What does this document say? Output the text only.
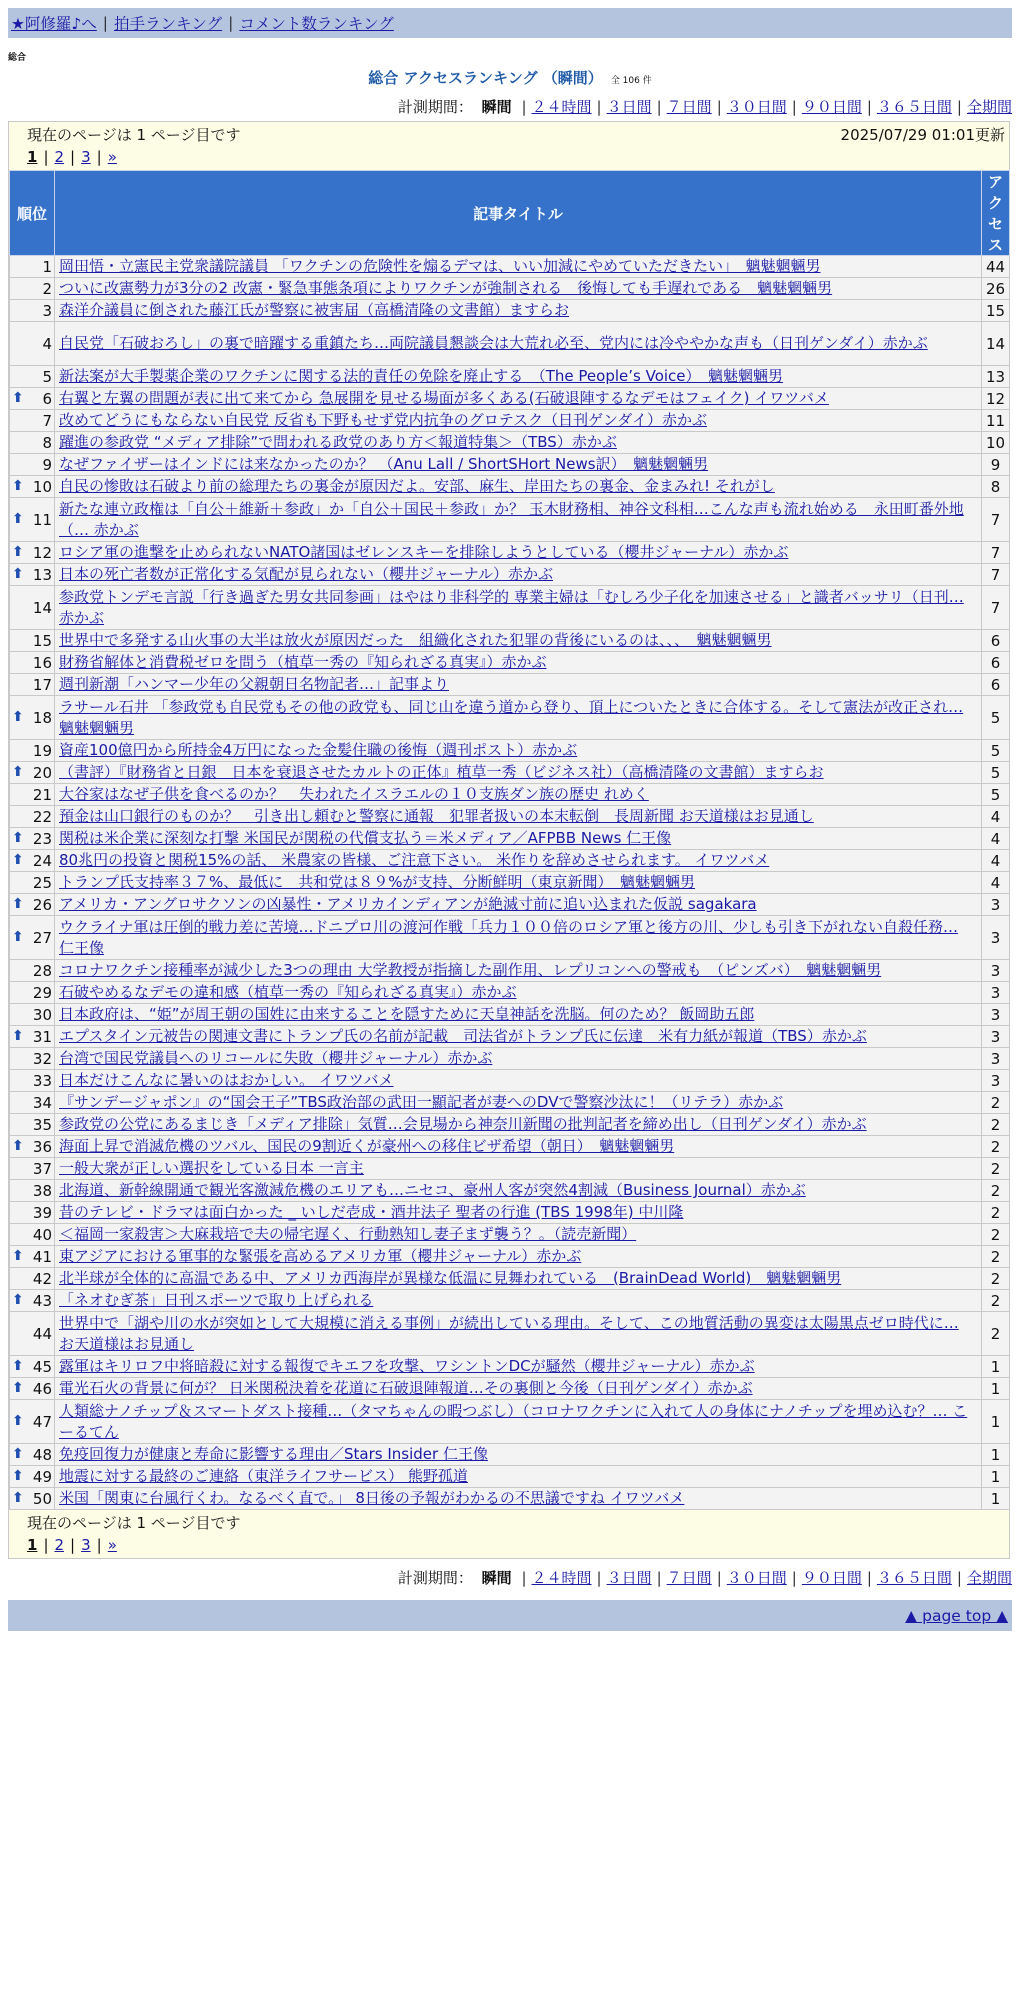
★阿修羅♪へ | 拍手ランキング | コメント数ランキング
総合
総合 アクセスランキング （瞬間） 全 106 件
計測期間： 瞬間 | ２４時間 | ３日間 | ７日間 | ３０日間 | ９０日間 | ３６５日間 | 全期間
現在のページは 1 ページ目です	2025/07/29 01:01更新
1 | 2 | 3 | »
順位	記事タイトル	アクセス
1	岡田悟・立憲民主党衆議院議員 「ワクチンの危険性を煽るデマは、いい加減にやめていただきたい」　魑魅魍魎男	44
2	ついに改憲勢力が3分の2 改憲・緊急事態条項によりワクチンが強制される　後悔しても手遅れである　魑魅魍魎男	26
3	森洋介議員に倒された藤江氏が警察に被害届（高橋清隆の文書館）ますらお	15
4	自民党「石破おろし」の裏で暗躍する重鎮たち…両院議員懇談会は大荒れ必至、党内には冷ややかな声も（日刊ゲンダイ）赤かぶ	14
5	新法案が大手製薬企業のワクチンに関する法的責任の免除を廃止する　（The People’s Voice）　魑魅魍魎男	13

⬆ 6	右翼と左翼の問題が表に出て来てから 急展開を見せる場面が多くある(石破退陣するなデモはフェイク) イワツバメ	12
7	改めてどうにもならない自民党 反省も下野もせず党内抗争のグロテスク（日刊ゲンダイ）赤かぶ	11
8	躍進の参政党 “メディア排除”で問われる政党のあり方＜報道特集＞（TBS）赤かぶ	10
9	なぜファイザーはインドには来なかったのか？ （Anu Lall / ShortSHort News訳）　魑魅魍魎男	9

⬆ 10	自民の惨敗は石破より前の総理たちの裏金が原因だよ。安部、麻生、岸田たちの裏金、金まみれ! それがし	8

⬆ 11	新たな連立政権は「自公＋維新＋参政」か「自公＋国民＋参政」か？ 玉木財務相、神谷文科相…こんな声も流れ始める　永田町番外地（… 赤かぶ	7

⬆ 12	ロシア軍の進撃を止められないNATO諸国はゼレンスキーを排除しようとしている（櫻井ジャーナル）赤かぶ	7

⬆ 13	日本の死亡者数が正常化する気配が見られない（櫻井ジャーナル）赤かぶ	7
14	参政党トンデモ言説「行き過ぎた男女共同参画」はやはり非科学的 専業主婦は「むしろ少子化を加速させる」と識者バッサリ（日刊… 赤かぶ	7
15	世界中で多発する山火事の大半は放火が原因だった　組織化された犯罪の背後にいるのは、、、　魑魅魍魎男	6
16	財務省解体と消費税ゼロを問う（植草一秀の『知られざる真実』）赤かぶ	6
17	週刊新潮「ハンマー少年の父親朝日名物記者…」記事より	6

⬆ 18	ラサール石井 「参政党も自民党もその他の政党も、同じ山を違う道から登り、頂上についたときに合体する。そして憲法が改正され… 魑魅魍魎男	5
19	資産100億円から所持金4万円になった金髪住職の後悔（週刊ポスト）赤かぶ	5

⬆ 20	（書評）『財務省と日銀　日本を衰退させたカルトの正体』植草一秀（ビジネス社）（高橋清隆の文書館）ますらお	5
21	大谷家はなぜ子供を食べるのか？　失われたイスラエルの１０支族ダン族の歴史 れめく	5
22	預金は山口銀行のものか？　引き出し頼むと警察に通報　犯罪者扱いの本末転倒　長周新聞 お天道様はお見通し	4

⬆ 23	関税は米企業に深刻な打撃 米国民が関税の代償支払う＝米メディア／AFPBB News 仁王像	4

⬆ 24	80兆円の投資と関税15%の話、 米農家の皆様、ご注意下さい。 米作りを辞めさせられます。 イワツバメ	4
25	トランプ氏支持率３７%、最低に　共和党は８９%が支持、分断鮮明（東京新聞）　魑魅魍魎男	4

⬆ 26	アメリカ・アングロサクソンの凶暴性・アメリカインディアンが絶滅寸前に追い込まれた仮説 sagakara	3

⬆ 27	ウクライナ軍は圧倒的戦力差に苦境…ドニプロ川の渡河作戦「兵力１００倍のロシア軍と後方の川、少しも引き下がれない自殺任務… 仁王像	3
28	コロナワクチン接種率が減少した3つの理由 大学教授が指摘した副作用、レプリコンへの警戒も　（ピンズバ）　魑魅魍魎男	3
29	石破やめるなデモの違和感（植草一秀の『知られざる真実』）赤かぶ	3
30	日本政府は、“姫”が周王朝の国姓に由来することを隠すために天皇神話を洗脳。何のため？ 飯岡助五郎	3

⬆ 31	エプスタイン元被告の関連文書にトランプ氏の名前が記載　司法省がトランプ氏に伝達　米有力紙が報道（TBS）赤かぶ	3
32	台湾で国民党議員へのリコールに失敗（櫻井ジャーナル）赤かぶ	3
33	日本だけこんなに暑いのはおかしい。 イワツバメ	3
34	『サンデージャポン』の“国会王子”TBS政治部の武田一顯記者が妻へのDVで警察沙汰に！（リテラ）赤かぶ	2
35	参政党の公党にあるまじき「メディア排除」気質…会見場から神奈川新聞の批判記者を締め出し（日刊ゲンダイ）赤かぶ	2

⬆ 36	海面上昇で消滅危機のツバル、国民の9割近くが豪州への移住ビザ希望（朝日）　魑魅魍魎男	2
37	一般大衆が正しい選択をしている日本 一言主	2
38	北海道、新幹線開通で観光客激減危機のエリアも…ニセコ、豪州人客が突然4割減（Business Journal）赤かぶ	2
39	昔のテレビ・ドラマは面白かった _ いしだ壱成・酒井法子 聖者の行進 (TBS 1998年) 中川隆	2
40	＜福岡一家殺害＞大麻栽培で夫の帰宅遅く、行動熟知し妻子まず襲う？。（読売新聞）	2

⬆ 41	東アジアにおける軍事的な緊張を高めるアメリカ軍（櫻井ジャーナル）赤かぶ	2
42	北半球が全体的に高温である中、アメリカ西海岸が異様な低温に見舞われている　(BrainDead World)　魑魅魍魎男	2

⬆ 43	「ネオむぎ茶」日刊スポーツで取り上げられる	2
44	世界中で「湖や川の水が突如として大規模に消える事例」が続出している理由。そして、この地質活動の異変は太陽黒点ゼロ時代に… お天道様はお見通し	2

⬆ 45	露軍はキリロフ中将暗殺に対する報復でキエフを攻撃、ワシントンDCが騒然（櫻井ジャーナル）赤かぶ	1

⬆ 46	電光石火の背景に何が？ 日米関税決着を花道に石破退陣報道…その裏側と今後（日刊ゲンダイ）赤かぶ	1

⬆ 47	人類総ナノチップ＆スマートダスト接種…（タマちゃんの暇つぶし）（コロナワクチンに入れて人の身体にナノチップを埋め込む？… こーるてん	1

⬆ 48	免疫回復力が健康と寿命に影響する理由／Stars Insider 仁王像	1

⬆ 49	地震に対する最終のご連絡（東洋ライフサービス） 熊野孤道	1

⬆ 50	米国「関東に台風行くわ。なるべく直で。」 8日後の予報がわかるの不思議ですね イワツバメ	1
現在のページは 1 ページ目です
1 | 2 | 3 | »
計測期間： 瞬間 | ２４時間 | ３日間 | ７日間 | ３０日間 | ９０日間 | ３６５日間 | 全期間
▲ page top ▲
